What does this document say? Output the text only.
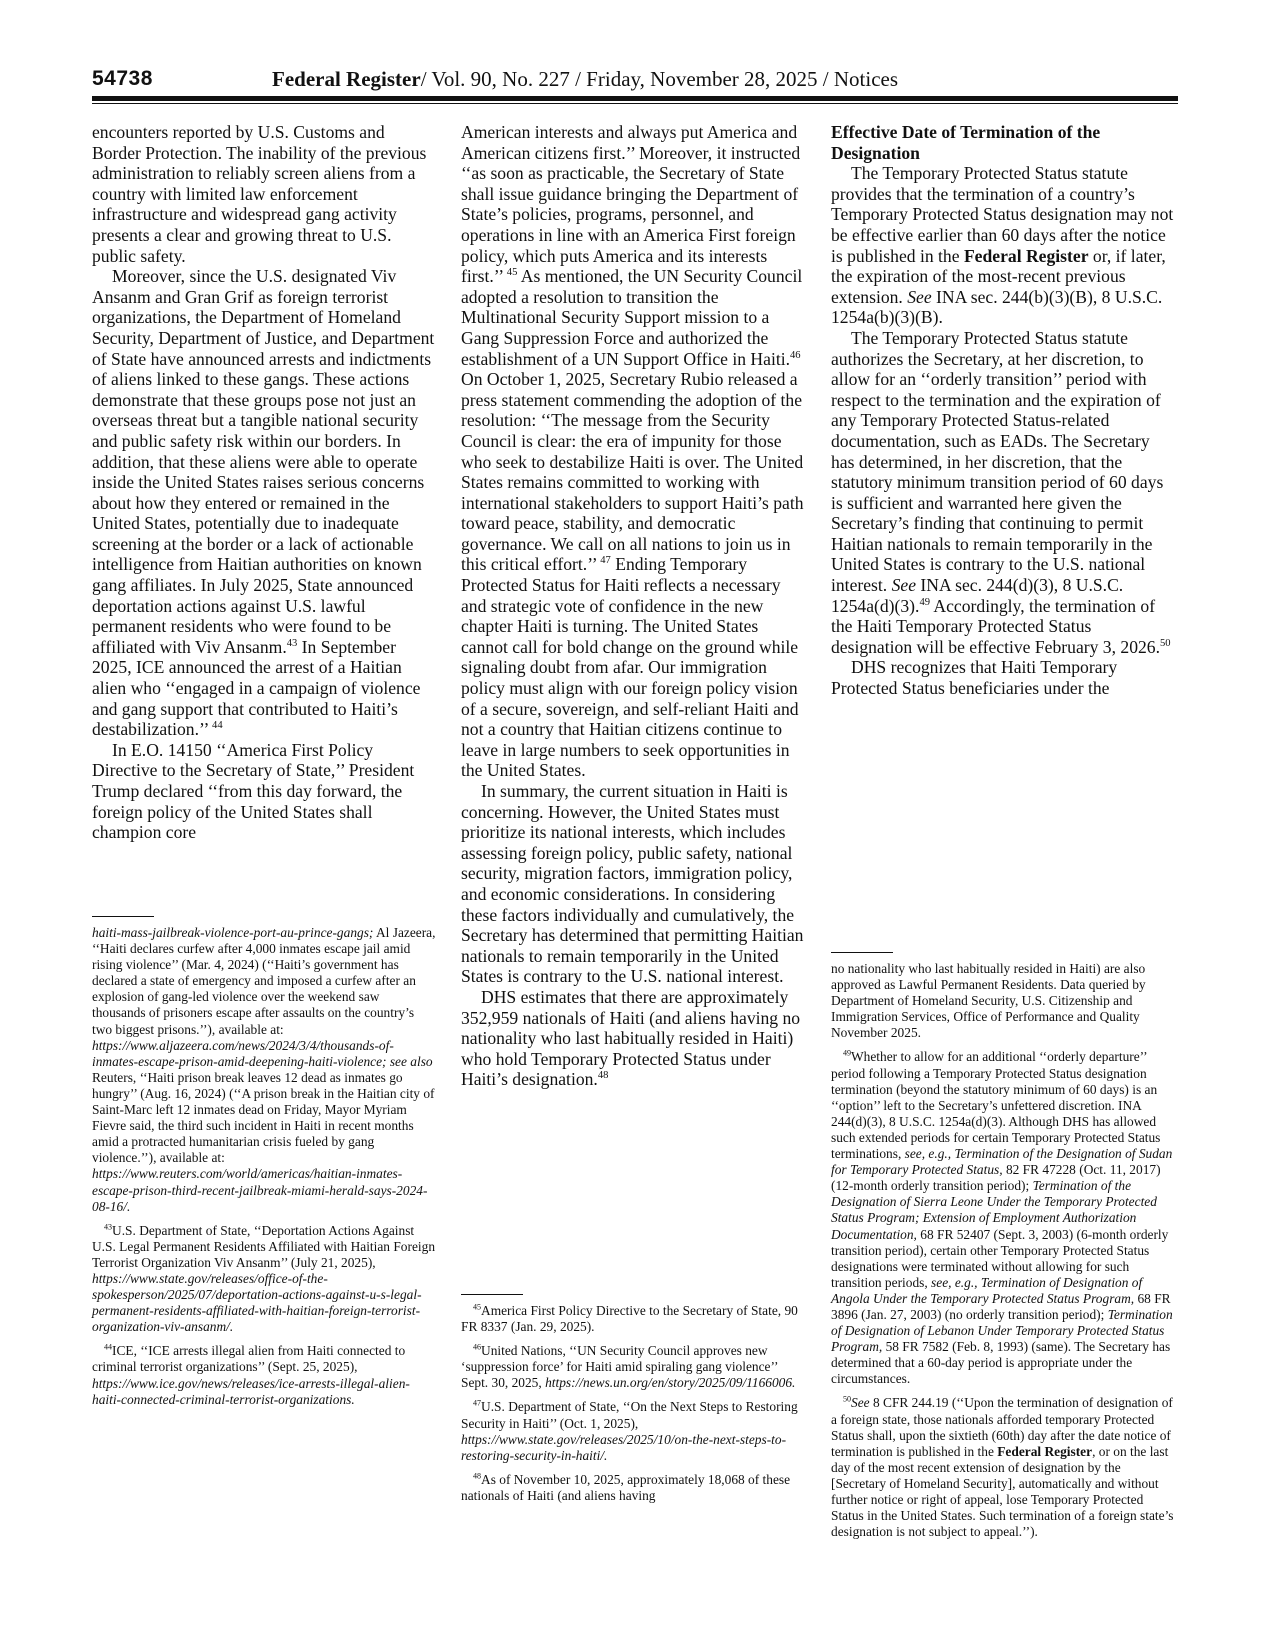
54738	Federal Register/ Vol. 90, No. 227 / Friday, November 28, 2025 / Notices

encounters reported by U.S. Customs and Border Protection. The inability of the previous administration to reliably screen aliens from a country with limited law enforcement infrastructure and widespread gang activity presents a clear and growing threat to U.S. public safety.

Moreover, since the U.S. designated Viv Ansanm and Gran Grif as foreign terrorist organizations, the Department of Homeland Security, Department of Justice, and Department of State have announced arrests and indictments of aliens linked to these gangs. These actions demonstrate that these groups pose not just an overseas threat but a tangible national security and public safety risk within our borders. In addition, that these aliens were able to operate inside the United States raises serious concerns about how they entered or remained in the United States, potentially due to inadequate screening at the border or a lack of actionable intelligence from Haitian authorities on known gang affiliates. In July 2025, State announced deportation actions against U.S. lawful permanent residents who were found to be affiliated with Viv Ansanm.$^{43}$ In September 2025, ICE announced the arrest of a Haitian alien who ‘‘engaged in a campaign of violence and gang support that contributed to Haiti’s destabilization.’’ $^{44}$

In E.O. 14150 ‘‘America First Policy Directive to the Secretary of State,’’ President Trump declared ‘‘from this day forward, the foreign policy of the United States shall champion core

haiti-mass-jailbreak-violence-port-au-prince-gangs; Al Jazeera, ‘‘Haiti declares curfew after 4,000 inmates escape jail amid rising violence’’ (Mar. 4, 2024) (‘‘Haiti’s government has declared a state of emergency and imposed a curfew after an explosion of gang-led violence over the weekend saw thousands of prisoners escape after assaults on the country’s two biggest prisons.’’), available at: https://www.aljazeera.com/news/2024/3/4/thousands-of-inmates-escape-prison-amid-deepening-haiti-violence; see also Reuters, ‘‘Haiti prison break leaves 12 dead as inmates go hungry’’ (Aug. 16, 2024) (‘‘A prison break in the Haitian city of Saint-Marc left 12 inmates dead on Friday, Mayor Myriam Fievre said, the third such incident in Haiti in recent months amid a protracted humanitarian crisis fueled by gang violence.’’), available at: https://www.reuters.com/world/americas/haitian-inmates-escape-prison-third-recent-jailbreak-miami-herald-says-2024-08-16/.

$^{43}$U.S. Department of State, ‘‘Deportation Actions Against U.S. Legal Permanent Residents Affiliated with Haitian Foreign Terrorist Organization Viv Ansanm’’ (July 21, 2025), https://www.state.gov/releases/office-of-the-spokesperson/2025/07/deportation-actions-against-u-s-legal-permanent-residents-affiliated-with-haitian-foreign-terrorist-organization-viv-ansanm/.

$^{44}$ICE, ‘‘ICE arrests illegal alien from Haiti connected to criminal terrorist organizations’’ (Sept. 25, 2025), https://www.ice.gov/news/releases/ice-arrests-illegal-alien-haiti-connected-criminal-terrorist-organizations.

American interests and always put America and American citizens first.’’ Moreover, it instructed ‘‘as soon as practicable, the Secretary of State shall issue guidance bringing the Department of State’s policies, programs, personnel, and operations in line with an America First foreign policy, which puts America and its interests first.’’ $^{45}$ As mentioned, the UN Security Council adopted a resolution to transition the Multinational Security Support mission to a Gang Suppression Force and authorized the establishment of a UN Support Office in Haiti.$^{46}$ On October 1, 2025, Secretary Rubio released a press statement commending the adoption of the resolution: ‘‘The message from the Security Council is clear: the era of impunity for those who seek to destabilize Haiti is over. The United States remains committed to working with international stakeholders to support Haiti’s path toward peace, stability, and democratic governance. We call on all nations to join us in this critical effort.’’ $^{47}$ Ending Temporary Protected Status for Haiti reflects a necessary and strategic vote of confidence in the new chapter Haiti is turning. The United States cannot call for bold change on the ground while signaling doubt from afar. Our immigration policy must align with our foreign policy vision of a secure, sovereign, and self-reliant Haiti and not a country that Haitian citizens continue to leave in large numbers to seek opportunities in the United States.

In summary, the current situation in Haiti is concerning. However, the United States must prioritize its national interests, which includes assessing foreign policy, public safety, national security, migration factors, immigration policy, and economic considerations. In considering these factors individually and cumulatively, the Secretary has determined that permitting Haitian nationals to remain temporarily in the United States is contrary to the U.S. national interest.

DHS estimates that there are approximately 352,959 nationals of Haiti (and aliens having no nationality who last habitually resided in Haiti) who hold Temporary Protected Status under Haiti’s designation.$^{48}$

$^{45}$America First Policy Directive to the Secretary of State, 90 FR 8337 (Jan. 29, 2025).

$^{46}$United Nations, ‘‘UN Security Council approves new ‘suppression force’ for Haiti amid spiraling gang violence’’ Sept. 30, 2025, https://news.un.org/en/story/2025/09/1166006.

$^{47}$U.S. Department of State, ‘‘On the Next Steps to Restoring Security in Haiti’’ (Oct. 1, 2025), https://www.state.gov/releases/2025/10/on-the-next-steps-to-restoring-security-in-haiti/.

$^{48}$As of November 10, 2025, approximately 18,068 of these nationals of Haiti (and aliens having

Effective Date of Termination of the Designation

The Temporary Protected Status statute provides that the termination of a country’s Temporary Protected Status designation may not be effective earlier than 60 days after the notice is published in the Federal Register or, if later, the expiration of the most-recent previous extension. See INA sec. 244(b)(3)(B), 8 U.S.C. 1254a(b)(3)(B).

The Temporary Protected Status statute authorizes the Secretary, at her discretion, to allow for an ‘‘orderly transition’’ period with respect to the termination and the expiration of any Temporary Protected Status-related documentation, such as EADs. The Secretary has determined, in her discretion, that the statutory minimum transition period of 60 days is sufficient and warranted here given the Secretary’s finding that continuing to permit Haitian nationals to remain temporarily in the United States is contrary to the U.S. national interest. See INA sec. 244(d)(3), 8 U.S.C. 1254a(d)(3).$^{49}$ Accordingly, the termination of the Haiti Temporary Protected Status designation will be effective February 3, 2026.50

DHS recognizes that Haiti Temporary Protected Status beneficiaries under the

no nationality who last habitually resided in Haiti) are also approved as Lawful Permanent Residents. Data queried by Department of Homeland Security, U.S. Citizenship and Immigration Services, Office of Performance and Quality November 2025.

$^{49}$Whether to allow for an additional ‘‘orderly departure’’ period following a Temporary Protected Status designation termination (beyond the statutory minimum of 60 days) is an ‘‘option’’ left to the Secretary’s unfettered discretion. INA 244(d)(3), 8 U.S.C. 1254a(d)(3). Although DHS has allowed such extended periods for certain Temporary Protected Status terminations, see, e.g., Termination of the Designation of Sudan for Temporary Protected Status, 82 FR 47228 (Oct. 11, 2017) (12-month orderly transition period); Termination of the Designation of Sierra Leone Under the Temporary Protected Status Program; Extension of Employment Authorization Documentation, 68 FR 52407 (Sept. 3, 2003) (6-month orderly transition period), certain other Temporary Protected Status designations were terminated without allowing for such transition periods, see, e.g., Termination of Designation of Angola Under the Temporary Protected Status Program, 68 FR 3896 (Jan. 27, 2003) (no orderly transition period); Termination of Designation of Lebanon Under Temporary Protected Status Program, 58 FR 7582 (Feb. 8, 1993) (same). The Secretary has determined that a 60-day period is appropriate under the circumstances.

$^{50}$See 8 CFR 244.19 (‘‘Upon the termination of designation of a foreign state, those nationals afforded temporary Protected Status shall, upon the sixtieth (60th) day after the date notice of termination is published in the Federal Register, or on the last day of the most recent extension of designation by the [Secretary of Homeland Security], automatically and without further notice or right of appeal, lose Temporary Protected Status in the United States. Such termination of a foreign state’s designation is not subject to appeal.’’).
